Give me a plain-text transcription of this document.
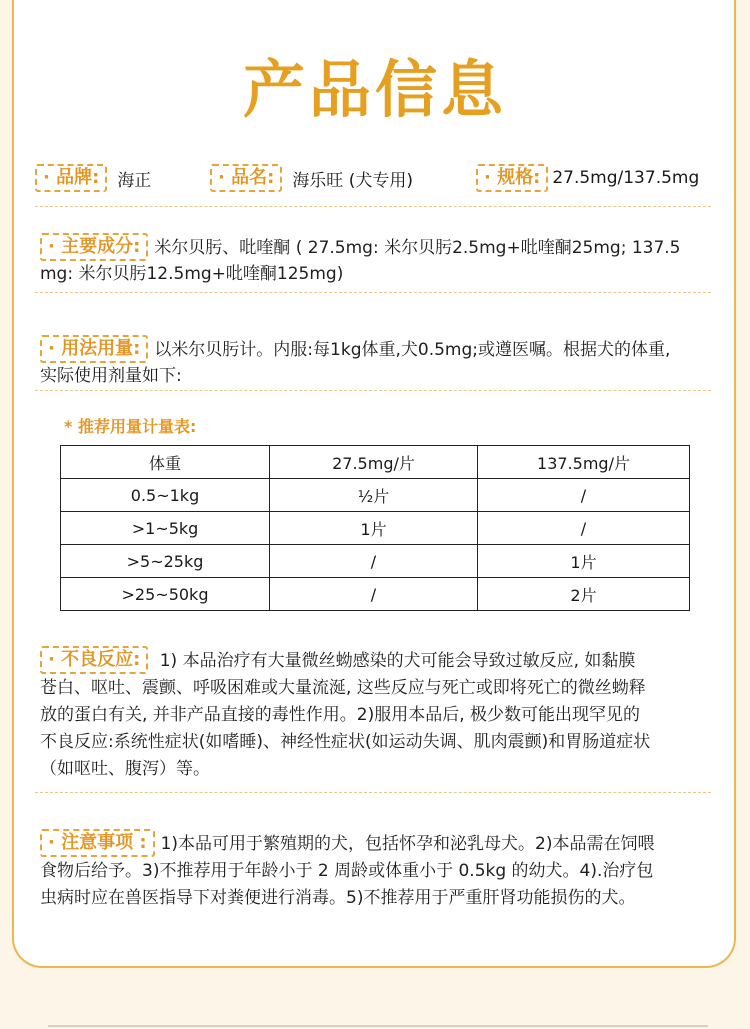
产品信息
· 品牌:	海正	· 品名:	海乐旺 (犬专用)	· 规格: 27.5mg/137.5mg
· 主要成分: 米尔贝肟、吡喹酮 ( 27.5mg: 米尔贝肟2.5mg+吡喹酮25mg; 137.5
mg: 米尔贝肟12.5mg+吡喹酮125mg)
· 用法用量: 以米尔贝肟计。内服:每1kg体重,犬0.5mg;或遵医嘱。根据犬的体重,
实际使用剂量如下:
* 推荐用量计量表:
体重	27.5mg/片	137.5mg/片
0.5~1kg	½片	/
>1~5kg	1片	/
>5~25kg	/	1片
>25~50kg	/	2片
· 不良反应: 1) 本品治疗有大量微丝蚴感染的犬可能会导致过敏反应, 如黏膜
苍白、呕吐、震颤、呼吸困难或大量流涎, 这些反应与死亡或即将死亡的微丝蚴释
放的蛋白有关, 并非产品直接的毒性作用。2)服用本品后, 极少数可能出现罕见的
不良反应:系统性症状(如嗜睡)、神经性症状(如运动失调、肌肉震颤)和胃肠道症状
（如呕吐、腹泻）等。
· 注意事项 : 1)本品可用于繁殖期的犬，包括怀孕和泌乳母犬。2)本品需在饲喂
食物后给予。3)不推荐用于年龄小于 2 周龄或体重小于 0.5kg 的幼犬。4).治疗包
虫病时应在兽医指导下对粪便进行消毒。5)不推荐用于严重肝肾功能损伤的犬。
